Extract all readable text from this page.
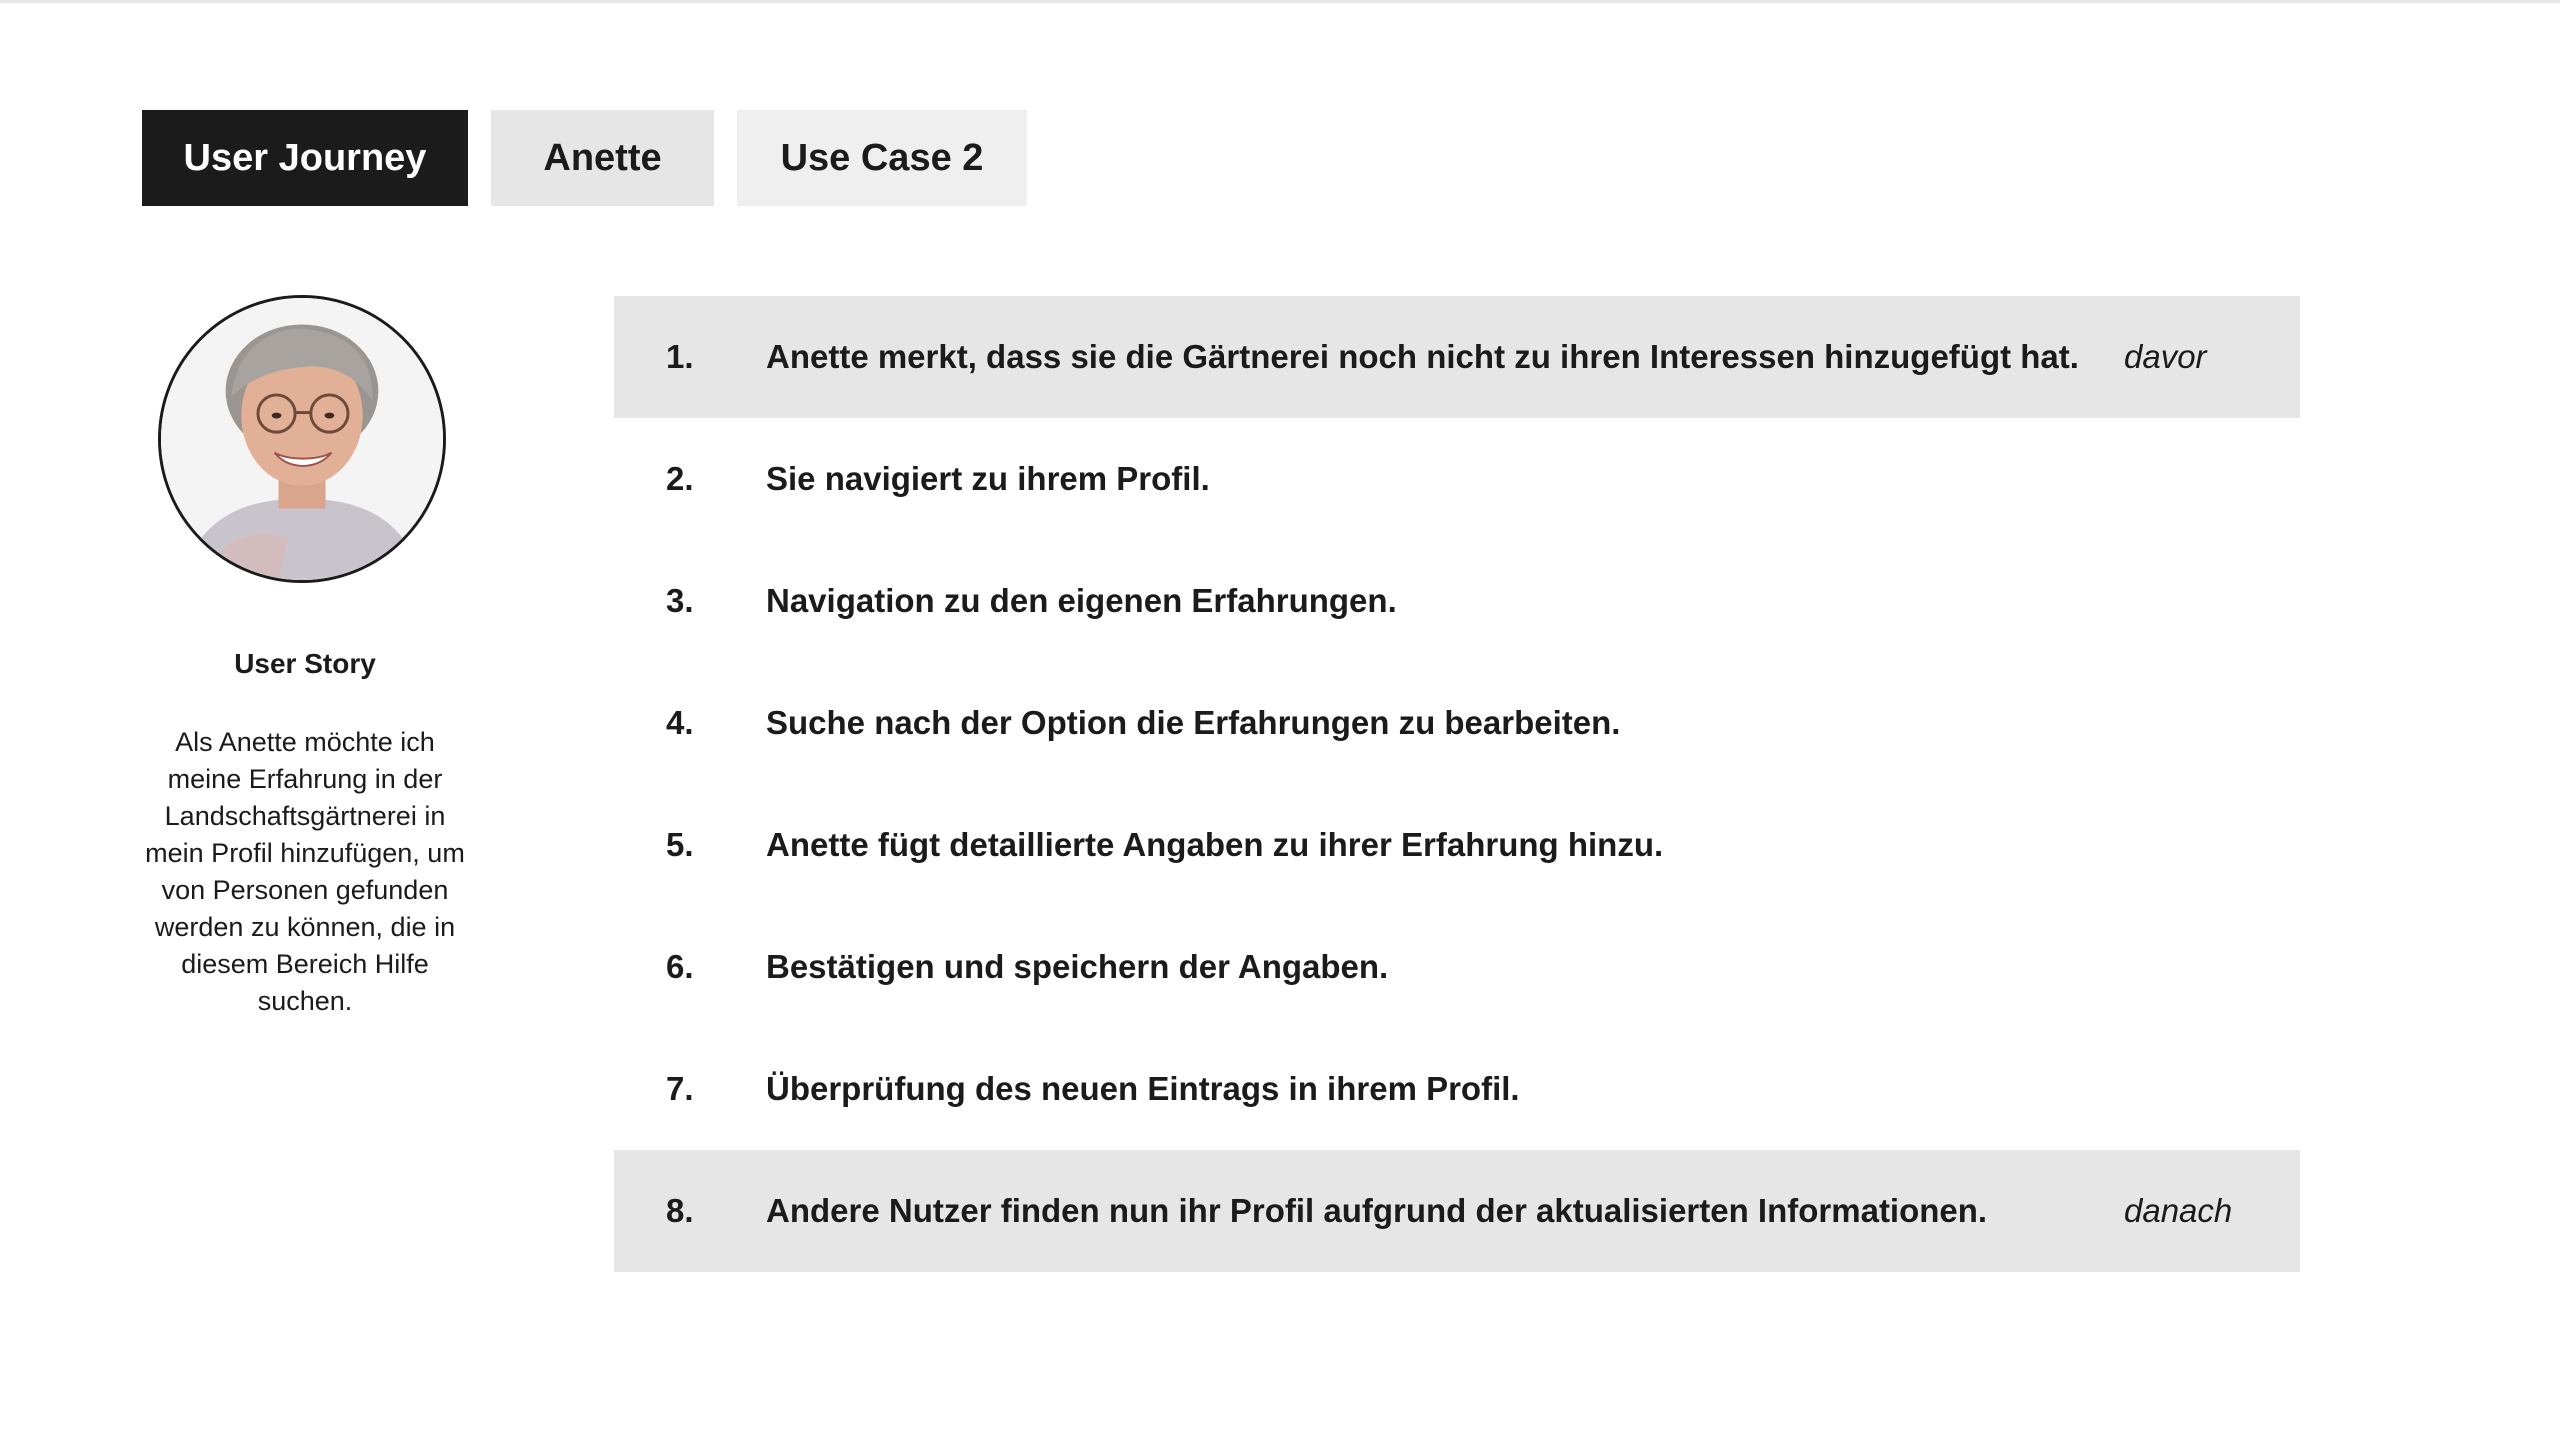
User Journey	Anette	Use Case 2
User Story
Als Anette möchte ich meine Erfahrung in der Landschaftsgärtnerei in mein Profil hinzufügen, um von Personen gefunden werden zu können, die in diesem Bereich Hilfe suchen.
1. Anette merkt, dass sie die Gärtnerei noch nicht zu ihren Interessen hinzugefügt hat. davor
2. Sie navigiert zu ihrem Profil.
3. Navigation zu den eigenen Erfahrungen.
4. Suche nach der Option die Erfahrungen zu bearbeiten.
5. Anette fügt detaillierte Angaben zu ihrer Erfahrung hinzu.
6. Bestätigen und speichern der Angaben.
7. Überprüfung des neuen Eintrags in ihrem Profil.
8. Andere Nutzer finden nun ihr Profil aufgrund der aktualisierten Informationen.	danach
